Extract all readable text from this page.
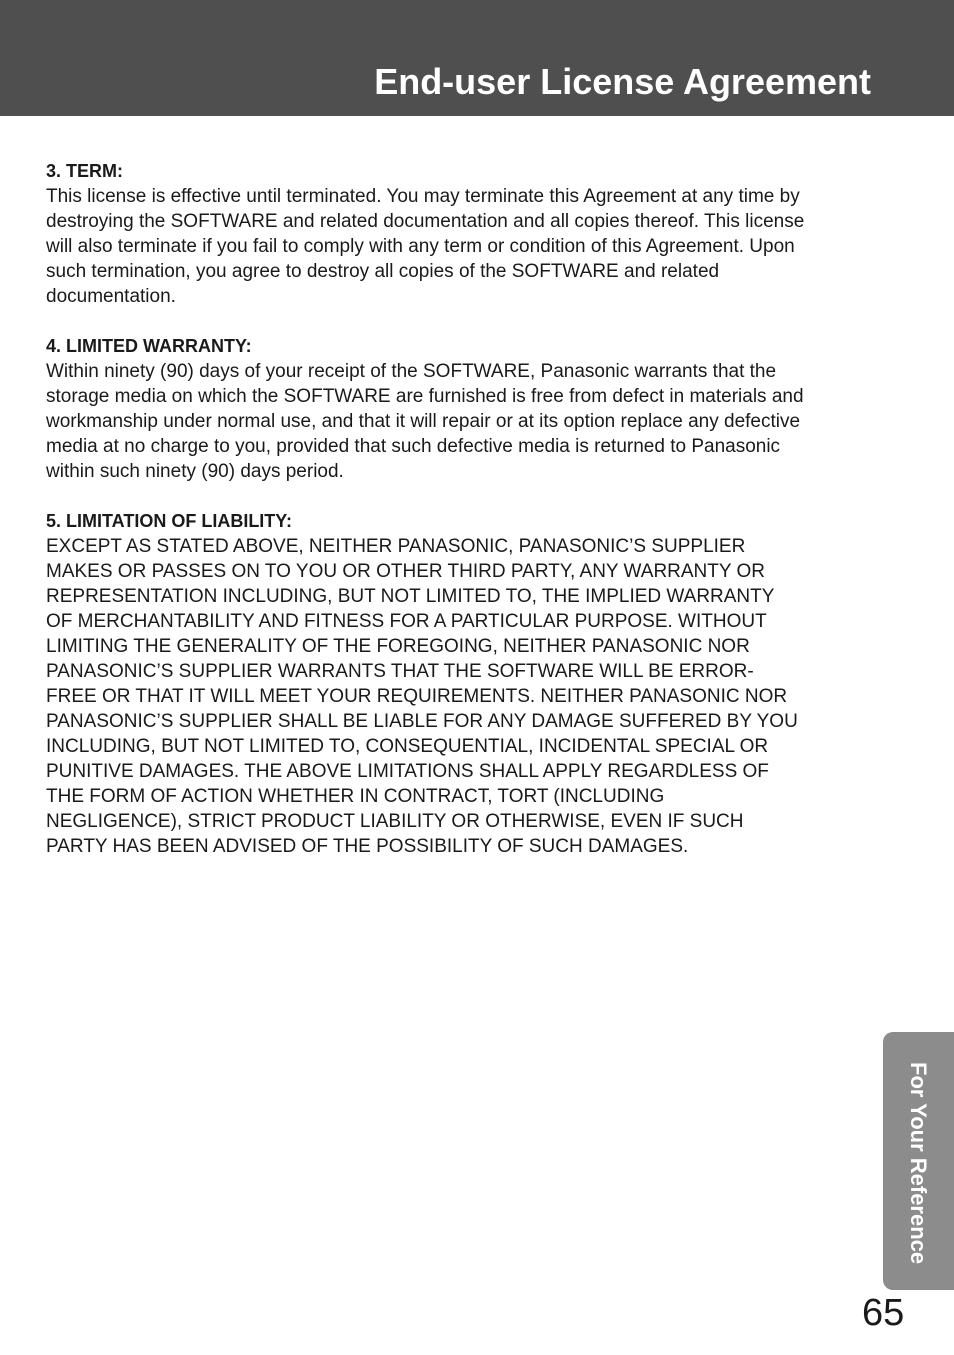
End-user License Agreement

3. TERM:

This license is effective until terminated. You may terminate this Agreement at any time by
destroying the SOFTWARE and related documentation and all copies thereof. This license
will also terminate if you fail to comply with any term or condition of this Agreement. Upon
such termination, you agree to destroy all copies of the SOFTWARE and related
documentation.

4. LIMITED WARRANTY:

Within ninety (90) days of your receipt of the SOFTWARE, Panasonic warrants that the
storage media on which the SOFTWARE are furnished is free from defect in materials and
workmanship under normal use, and that it will repair or at its option replace any defective
media at no charge to you, provided that such defective media is returned to Panasonic
within such ninety (90) days period.

5. LIMITATION OF LIABILITY:

EXCEPT AS STATED ABOVE, NEITHER PANASONIC, PANASONIC’S SUPPLIER
MAKES OR PASSES ON TO YOU OR OTHER THIRD PARTY, ANY WARRANTY OR
REPRESENTATION INCLUDING, BUT NOT LIMITED TO, THE IMPLIED WARRANTY
OF MERCHANTABILITY AND FITNESS FOR A PARTICULAR PURPOSE. WITHOUT
LIMITING THE GENERALITY OF THE FOREGOING, NEITHER PANASONIC NOR
PANASONIC’S SUPPLIER WARRANTS THAT THE SOFTWARE WILL BE ERROR-
FREE OR THAT IT WILL MEET YOUR REQUIREMENTS. NEITHER PANASONIC NOR
PANASONIC’S SUPPLIER SHALL BE LIABLE FOR ANY DAMAGE SUFFERED BY YOU
INCLUDING, BUT NOT LIMITED TO, CONSEQUENTIAL, INCIDENTAL SPECIAL OR
PUNITIVE DAMAGES. THE ABOVE LIMITATIONS SHALL APPLY REGARDLESS OF
THE FORM OF ACTION WHETHER IN CONTRACT, TORT (INCLUDING
NEGLIGENCE), STRICT PRODUCT LIABILITY OR OTHERWISE, EVEN IF SUCH
PARTY HAS BEEN ADVISED OF THE POSSIBILITY OF SUCH DAMAGES.

For Your Reference
65
